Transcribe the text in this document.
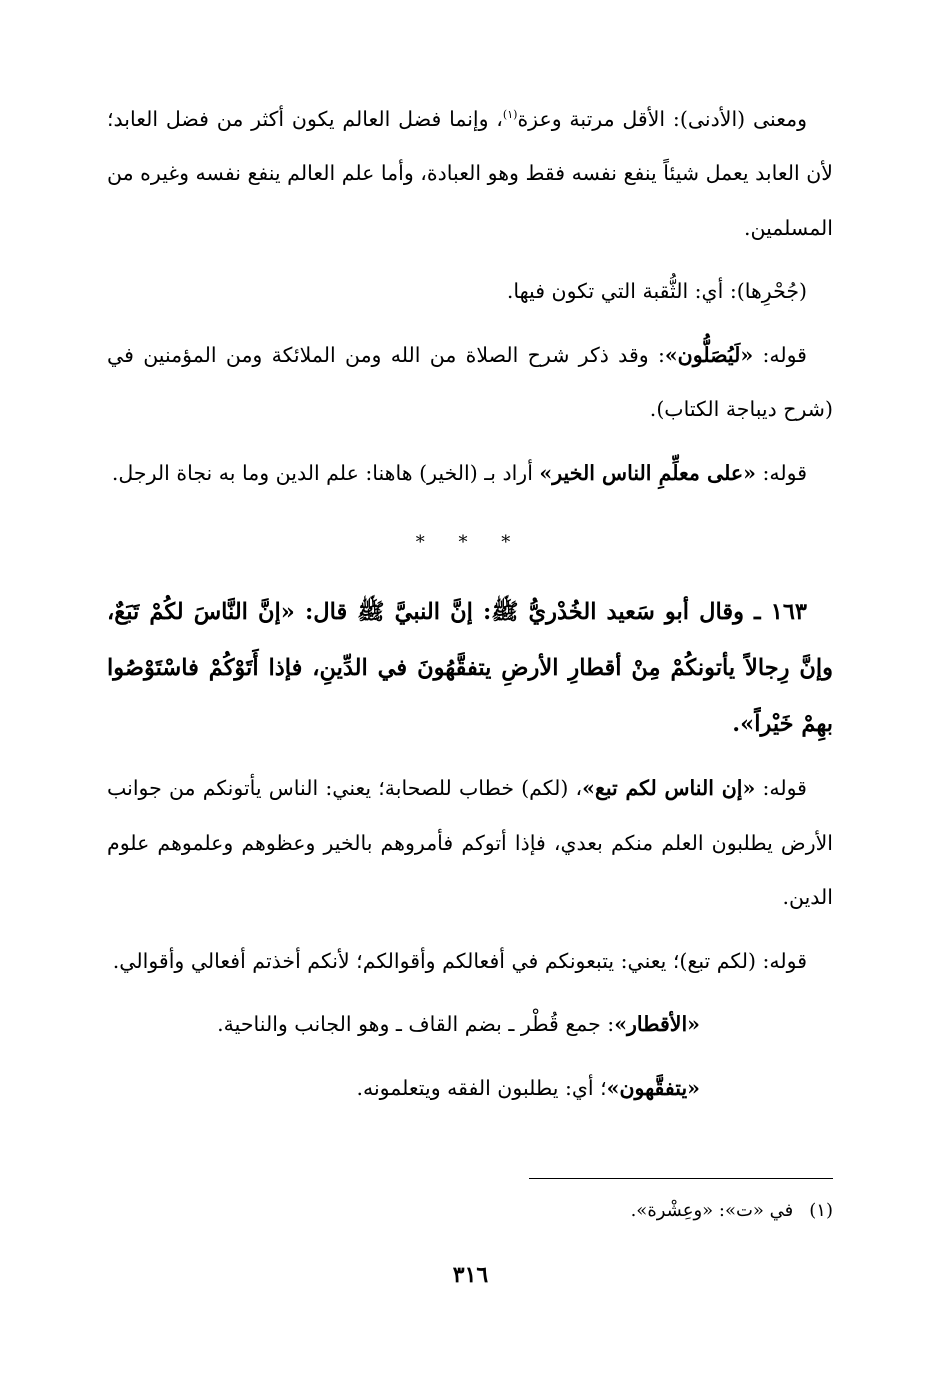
ومعنى (الأدنى): الأقل مرتبة وعزة$^{(١)}$، وإنما فضل العالم يكون أكثر من فضل العابد؛ لأن العابد يعمل شيئاً ينفع نفسه فقط وهو العبادة، وأما علم العالم ينفع نفسه وغيره من المسلمين.

(جُحْرِها): أي: الثُّقبة التي تكون فيها.

قوله: «لَيُصَلُّون»: وقد ذكر شرح الصلاة من الله ومن الملائكة ومن المؤمنين في (شرح ديباجة الكتاب).

قوله: «على معلِّمِ الناس الخير» أراد بـ (الخير) هاهنا: علم الدين وما به نجاة الرجل.

* * *

١٦٣ ـ وقال أبو سَعيد الخُدْريُّ ﷺ: إنَّ النبيَّ ﷺ قال: «إنَّ النَّاسَ لكُمْ تَبَعٌ، وإنَّ رِجالاً يأتونكُمْ مِنْ أقطارِ الأرضِ يتفقَّهُونَ في الدِّينِ، فإذا أَتَوْكُمْ فاسْتَوْصُوا بهِمْ خَيْراً».

قوله: «إن الناس لكم تبع»، (لكم) خطاب للصحابة؛ يعني: الناس يأتونكم من جوانب الأرض يطلبون العلم منكم بعدي، فإذا أتوكم فأمروهم بالخير وعظوهم وعلموهم علوم الدين.

قوله: (لكم تبع)؛ يعني: يتبعونكم في أفعالكم وأقوالكم؛ لأنكم أخذتم أفعالي وأقوالي.

«الأقطار»: جمع قُطْر ـ بضم القاف ـ وهو الجانب والناحية.

«يتفقَّهون»؛ أي: يطلبون الفقه ويتعلمونه.

(١)في «ت»: «وعِشْرة».
٣١٦
